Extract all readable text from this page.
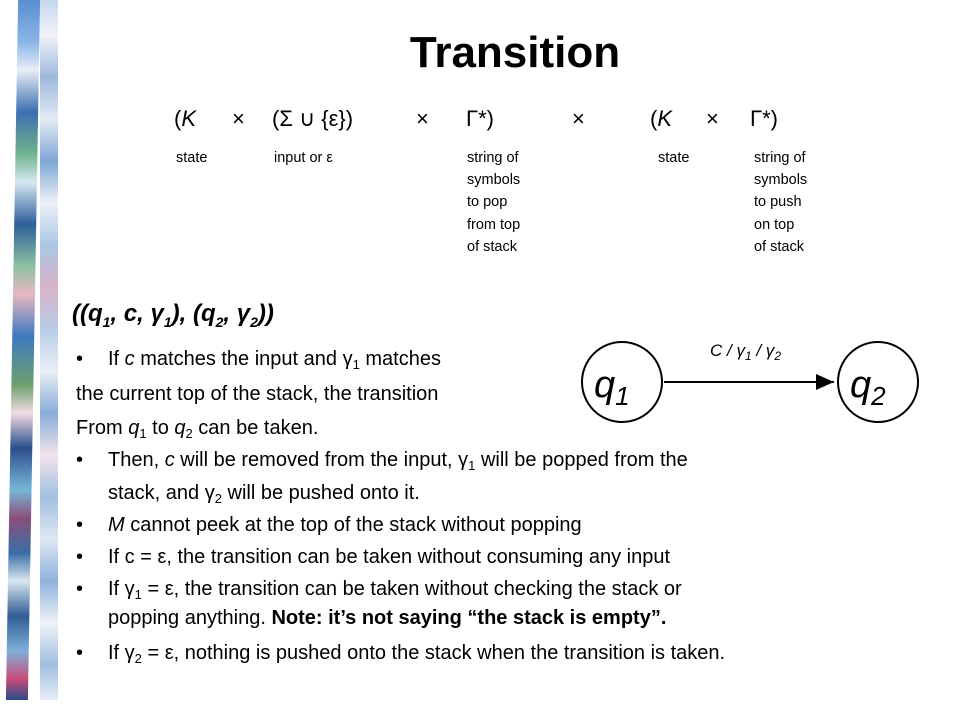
Transition
(K × (Σ ∪ {ε})	× Γ*)	×	(K × Γ*)
state	input or ε	string of
symbols
to pop
from top
of stack
state	string of
symbols
to push
on top
of stack
(($q_1$, c, $\gamma_1$), ($q_2$, $\gamma_2$))
C / $\gamma_1 / \gamma_2$
$q_1$	$q_2$
• If c matches the input and $\gamma_1$ matches
the current top of the stack, the transition
From $q_1$ to $q_2$ can be taken.
• Then, c will be removed from the input, $\gamma_1$ will be popped from the
stack, and $\gamma_2$ will be pushed onto it.
• M cannot peek at the top of the stack without popping
• If c = ε, the transition can be taken without consuming any input
• If $\gamma_1 = \varepsilon$, the transition can be taken without checking the stack or
popping anything. Note: it’s not saying “the stack is empty”.
• If $\gamma_2 = \varepsilon$, nothing is pushed onto the stack when the transition is taken.
